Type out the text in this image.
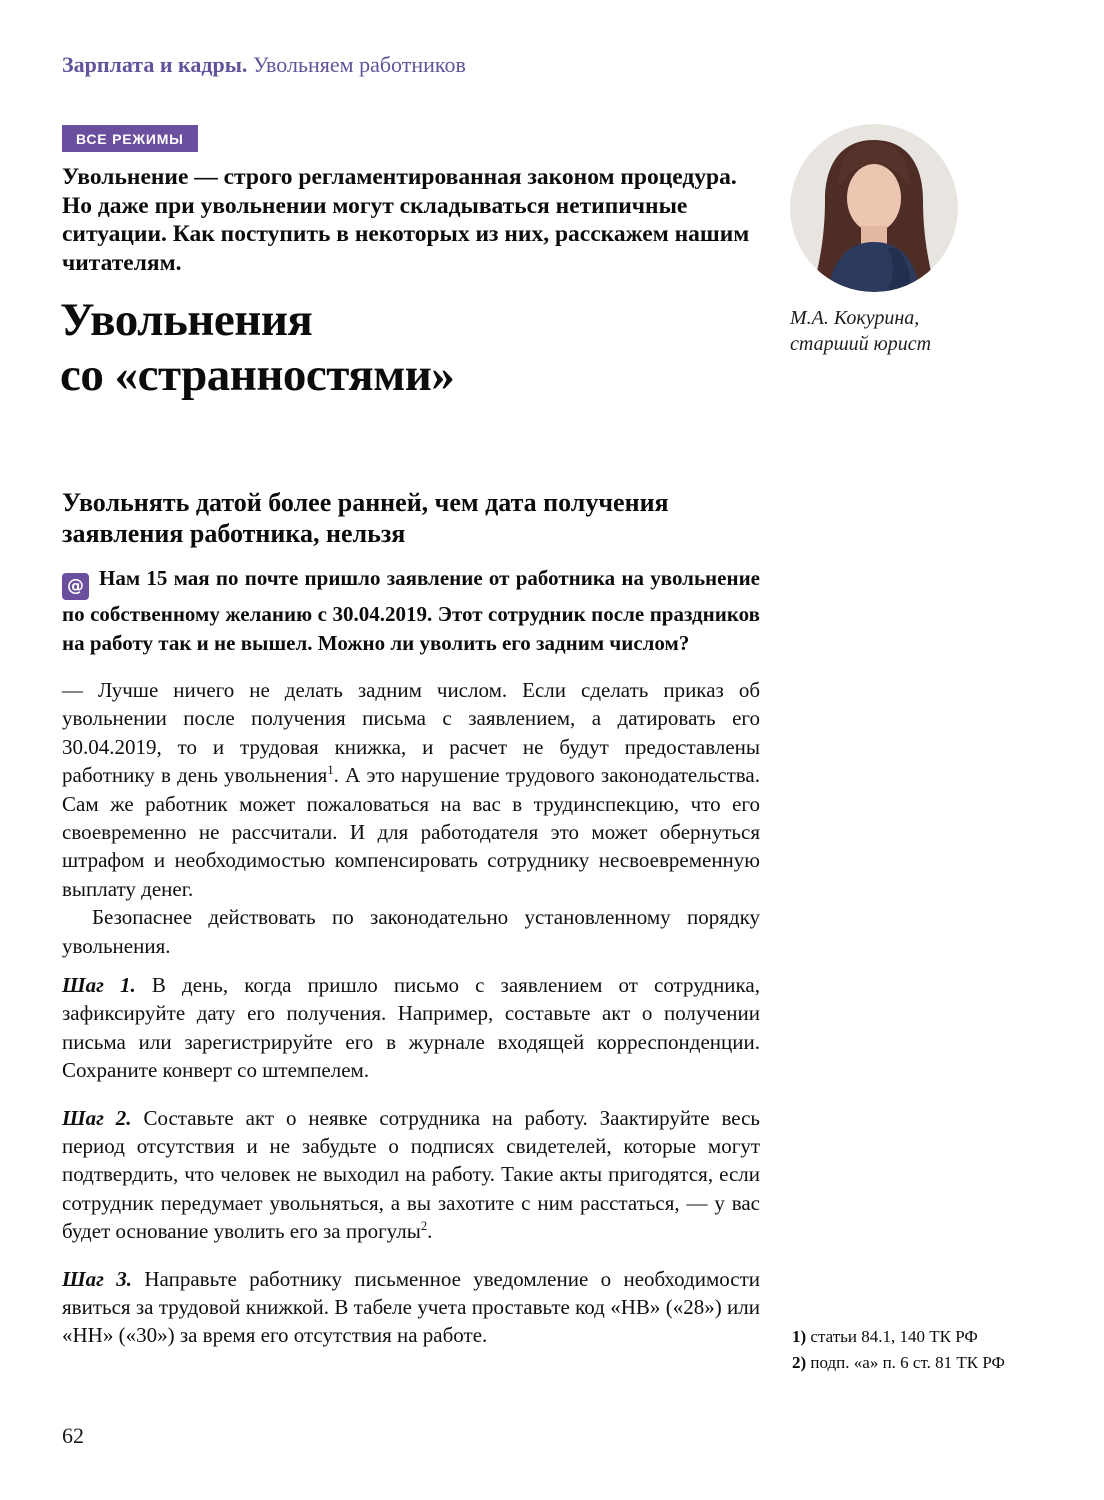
Зарплата и кадры. Увольняем работников
ВСЕ РЕЖИМЫ

Увольнение — строго регламентированная законом процедура. Но даже при увольнении могут складываться нетипичные ситуации. Как поступить в некоторых из них, расскажем нашим читателям.

Увольнения
со «странностями»
М.А. Кокурина,
старший юрист
Увольнять датой более ранней, чем дата получения заявления работника, нельзя

@ Нам 15 мая по почте пришло заявление от работника на увольнение по собственному желанию с 30.04.2019. Этот сотрудник после праздников на работу так и не вышел. Можно ли уволить его задним числом?

— Лучше ничего не делать задним числом. Если сделать приказ об увольнении после получения письма с заявлением, а датировать его 30.04.2019, то и трудовая книжка, и расчет не будут предоставлены работнику в день увольнения$^1$. А это нарушение трудового законодательства. Сам же работник может пожаловаться на вас в трудинспекцию, что его своевременно не рассчитали. И для работодателя это может обернуться штрафом и необходимостью компенсировать сотруднику несвоевременную выплату денег.

Безопаснее действовать по законодательно установленному порядку увольнения.

Шаг 1. В день, когда пришло письмо с заявлением от сотрудника, зафиксируйте дату его получения. Например, составьте акт о получении письма или зарегистрируйте его в журнале входящей корреспонденции. Сохраните конверт со штемпелем.

Шаг 2. Составьте акт о неявке сотрудника на работу. Заактируйте весь период отсутствия и не забудьте о подписях свидетелей, которые могут подтвердить, что человек не выходил на работу. Такие акты пригодятся, если сотрудник передумает увольняться, а вы захотите с ним расстаться, — у вас будет основание уволить его за прогулы$^2$.

Шаг 3. Направьте работнику письменное уведомление о необходимости явиться за трудовой книжкой. В табеле учета проставьте код «НВ» («28») или «НН» («30») за время его отсутствия на работе.	1) статьи 84.1, 140 ТК РФ
2) подп. «а» п. 6 ст. 81 ТК РФ
62
